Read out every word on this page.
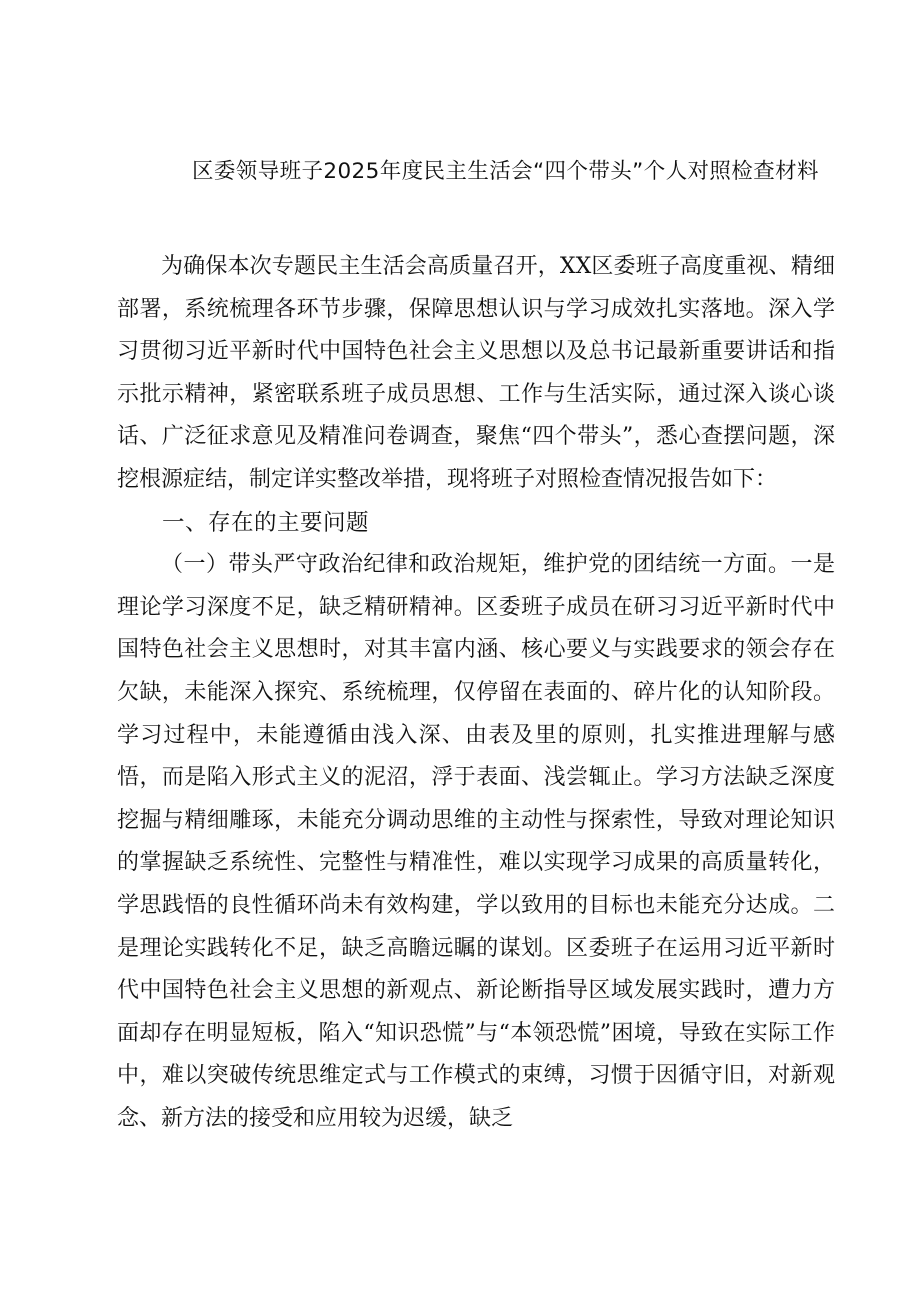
区委领导班子2025年度民主生活会“四个带头”个人对照检查材料

为确保本次专题民主生活会高质量召开，XX区委班子高度重视、精细部署，系统梳理各环节步骤，保障思想认识与学习成效扎实落地。深入学习贯彻习近平新时代中国特色社会主义思想以及总书记最新重要讲话和指示批示精神，紧密联系班子成员思想、工作与生活实际，通过深入谈心谈话、广泛征求意见及精准问卷调查，聚焦“四个带头”，悉心查摆问题，深挖根源症结，制定详实整改举措，现将班子对照检查情况报告如下：

一、存在的主要问题

（一）带头严守政治纪律和政治规矩，维护党的团结统一方面。一是理论学习深度不足，缺乏精研精神。区委班子成员在研习习近平新时代中国特色社会主义思想时，对其丰富内涵、核心要义与实践要求的领会存在欠缺，未能深入探究、系统梳理，仅停留在表面的、碎片化的认知阶段。学习过程中，未能遵循由浅入深、由表及里的原则，扎实推进理解与感悟，而是陷入形式主义的泥沼，浮于表面、浅尝辄止。学习方法缺乏深度挖掘与精细雕琢，未能充分调动思维的主动性与探索性，导致对理论知识的掌握缺乏系统性、完整性与精准性，难以实现学习成果的高质量转化，学思践悟的良性循环尚未有效构建，学以致用的目标也未能充分达成。二是理论实践转化不足，缺乏高瞻远瞩的谋划。区委班子在运用习近平新时代中国特色社会主义思想的新观点、新论断指导区域发展实践时，遭力方面却存在明显短板，陷入“知识恐慌”与“本领恐慌”困境，导致在实际工作中，难以突破传统思维定式与工作模式的束缚，习惯于因循守旧，对新观念、新方法的接受和应用较为迟缓，缺乏
